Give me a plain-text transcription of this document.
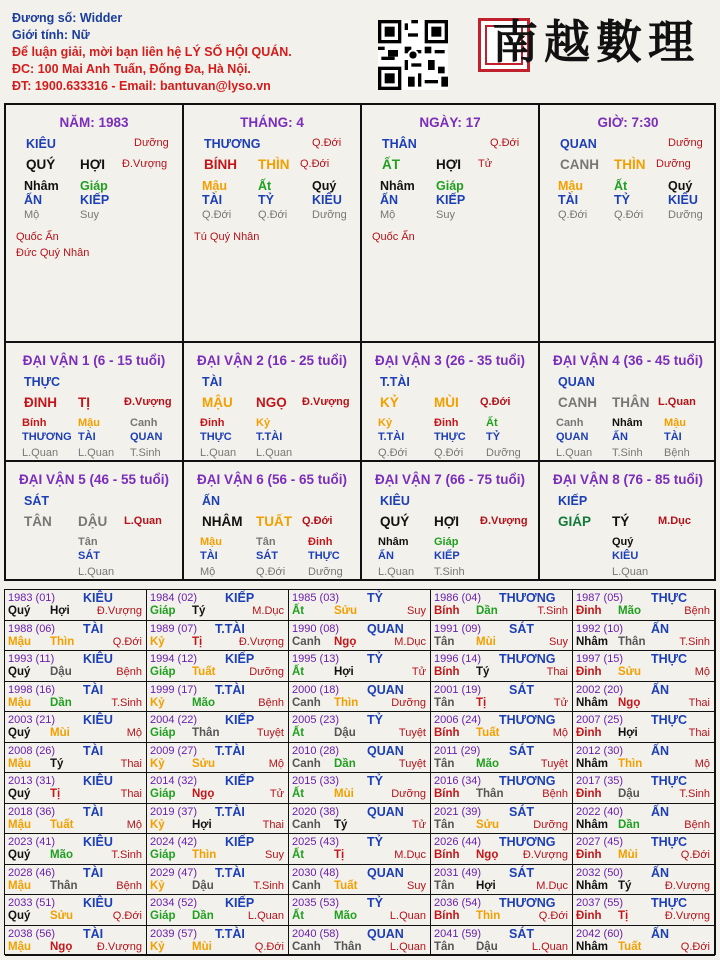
Đương số: Widder
Giới tính: Nữ
Để luận giải, mời bạn liên hệ LÝ SỐ HỘI QUÁN.
ĐC: 100 Mai Anh Tuấn, Đống Đa, Hà Nội.
ĐT: 1900.633316 - Email: bantuvan@lyso.vn
南越數理
NĂM: 1983
KIÊU	Dưỡng
QUÝ HỢI Đ.Vượng
Nhâm
ẤN
Mộ
Giáp
KIẾP
Suy
Quốc Ấn
Đức Quý Nhân
THÁNG: 4
THƯƠNG	Q.Đới
BÍNH THÌN Q.Đới
Mậu
TÀI
Q.Đới
Ất
TỶ
Q.Đới
Quý
KIÊU
Dưỡng
Tú Quý Nhân
NGÀY: 17
THÂN	Q.Đới
ẤT	HỢI Tử
Nhâm
ẤN
Mộ
Giáp
KIẾP
Suy
Quốc Ấn
GIỜ: 7:30
QUAN	Dưỡng
CANH THÌN Dưỡng
Mậu
TÀI
Q.Đới
Ất
TỶ
Q.Đới
Quý
KIÊU
Dưỡng
ĐẠI VẬN 1 (6 - 15 tuổi)
THỰC
ĐINH TỊ	Đ.Vượng
Bính
THƯƠNG
L.Quan
Mậu
TÀI
L.Quan
Canh
QUAN
T.Sinh
ĐẠI VẬN 2 (16 - 25 tuổi)
TÀI
MẬU NGỌ Đ.Vượng
Đinh
THỰC
L.Quan
Kỷ
T.TÀI
L.Quan
ĐẠI VẬN 3 (26 - 35 tuổi)
T.TÀI
KỶ	MÙI Q.Đới
Kỷ
T.TÀI
Q.Đới
Đinh
THỰC
Q.Đới
Ất
TỶ
Dưỡng
ĐẠI VẬN 4 (36 - 45 tuổi)
QUAN
CANH THÂN L.Quan
Canh
QUAN
L.Quan
Nhâm
ẤN
T.Sinh
Mậu
TÀI
Bệnh
ĐẠI VẬN 5 (46 - 55 tuổi)
SÁT
TÂN DẬU L.Quan
Tân
SÁT
L.Quan
ĐẠI VẬN 6 (56 - 65 tuổi)
ẤN
NHÂM TUẤT Q.Đới
Mậu
TÀI
Mộ
Tân
SÁT
Q.Đới
Đinh
THỰC
Dưỡng
ĐẠI VẬN 7 (66 - 75 tuổi)
KIÊU
QUÝ HỢI Đ.Vượng
Nhâm
ẤN
L.Quan
Giáp
KIẾP
T.Sinh
ĐẠI VẬN 8 (76 - 85 tuổi)
KIẾP
GIÁP TÝ	M.Dục
Quý
KIÊU
L.Quan
1983 (01) KIÊU
Quý Hợi Đ.Vượng
1984 (02) KIẾP
Giáp Tý	M.Dục
1985 (03) TỶ
Ất	Sửu	Suy
1986 (04) THƯƠNG
Bính Dần	T.Sinh
1987 (05) THỰC
Đinh Mão	Bệnh
1988 (06) TÀI
Mậu Thìn	Q.Đới
1989 (07) T.TÀI
Kỷ Tị	Đ.Vượng
1990 (08) QUAN
Canh Ngọ	M.Dục
1991 (09) SÁT
Tân Mùi	Suy
1992 (10) ẤN
Nhâm Thân	T.Sinh
1993 (11) KIÊU
Quý Dậu	Bệnh
1994 (12) KIẾP
Giáp Tuất	Dưỡng
1995 (13) TỶ
Ất	Hợi	Tử
1996 (14) THƯƠNG
Bính Tý	Thai
1997 (15) THỰC
Đinh Sửu	Mộ
1998 (16) TÀI
Mậu Dần	T.Sinh
1999 (17) T.TÀI
Kỷ Mão	Bệnh
2000 (18) QUAN
Canh Thìn	Dưỡng
2001 (19) SÁT
Tân Tị	Tử
2002 (20) ẤN
Nhâm Ngọ	Thai
2003 (21) KIÊU
Quý Mùi	Mộ
2004 (22) KIẾP
Giáp Thân	Tuyệt
2005 (23) TỶ
Ất	Dậu	Tuyệt
2006 (24) THƯƠNG
Bính Tuất	Mộ
2007 (25) THỰC
Đinh Hợi	Thai
2008 (26) TÀI
Mậu Tý	Thai
2009 (27) T.TÀI
Kỷ Sửu	Mộ
2010 (28) QUAN
Canh Dần	Tuyệt
2011 (29) SÁT
Tân Mão	Tuyệt
2012 (30) ẤN
Nhâm Thìn	Mộ
2013 (31) KIÊU
Quý Tị	Thai
2014 (32) KIẾP
Giáp Ngọ	Tử
2015 (33) TỶ
Ất	Mùi	Dưỡng
2016 (34) THƯƠNG
Bính Thân	Bệnh
2017 (35) THỰC
Đinh Dậu	T.Sinh
2018 (36) TÀI
Mậu Tuất	Mộ
2019 (37) T.TÀI
Kỷ Hợi	Thai
2020 (38) QUAN
Canh Tý	Tử
2021 (39) SÁT
Tân Sửu	Dưỡng
2022 (40) ẤN
Nhâm Dần	Bệnh
2023 (41) KIÊU
Quý Mão	T.Sinh
2024 (42) KIẾP
Giáp Thìn	Suy
2025 (43) TỶ
Ất	Tị	M.Dục
2026 (44) THƯƠNG
Bính Ngọ Đ.Vượng
2027 (45) THỰC
Đinh Mùi	Q.Đới
2028 (46) TÀI
Mậu Thân	Bệnh
2029 (47) T.TÀI
Kỷ Dậu	T.Sinh
2030 (48) QUAN
Canh Tuất	Suy
2031 (49) SÁT
Tân Hợi	M.Dục
2032 (50) ẤN
Nhâm Tý	Đ.Vượng
2033 (51) KIÊU
Quý Sửu	Q.Đới
2034 (52) KIẾP
Giáp Dần	L.Quan
2035 (53) TỶ
Ất	Mão	L.Quan
2036 (54) THƯƠNG
Bính Thìn	Q.Đới
2037 (55) THỰC
Đinh Tị	Đ.Vượng
2038 (56) TÀI
Mậu Ngọ Đ.Vượng
2039 (57) T.TÀI
Kỷ Mùi	Q.Đới
2040 (58) QUAN
Canh Thân	L.Quan
2041 (59) SÁT
Tân Dậu	L.Quan
2042 (60) ẤN
Nhâm Tuất	Q.Đới
